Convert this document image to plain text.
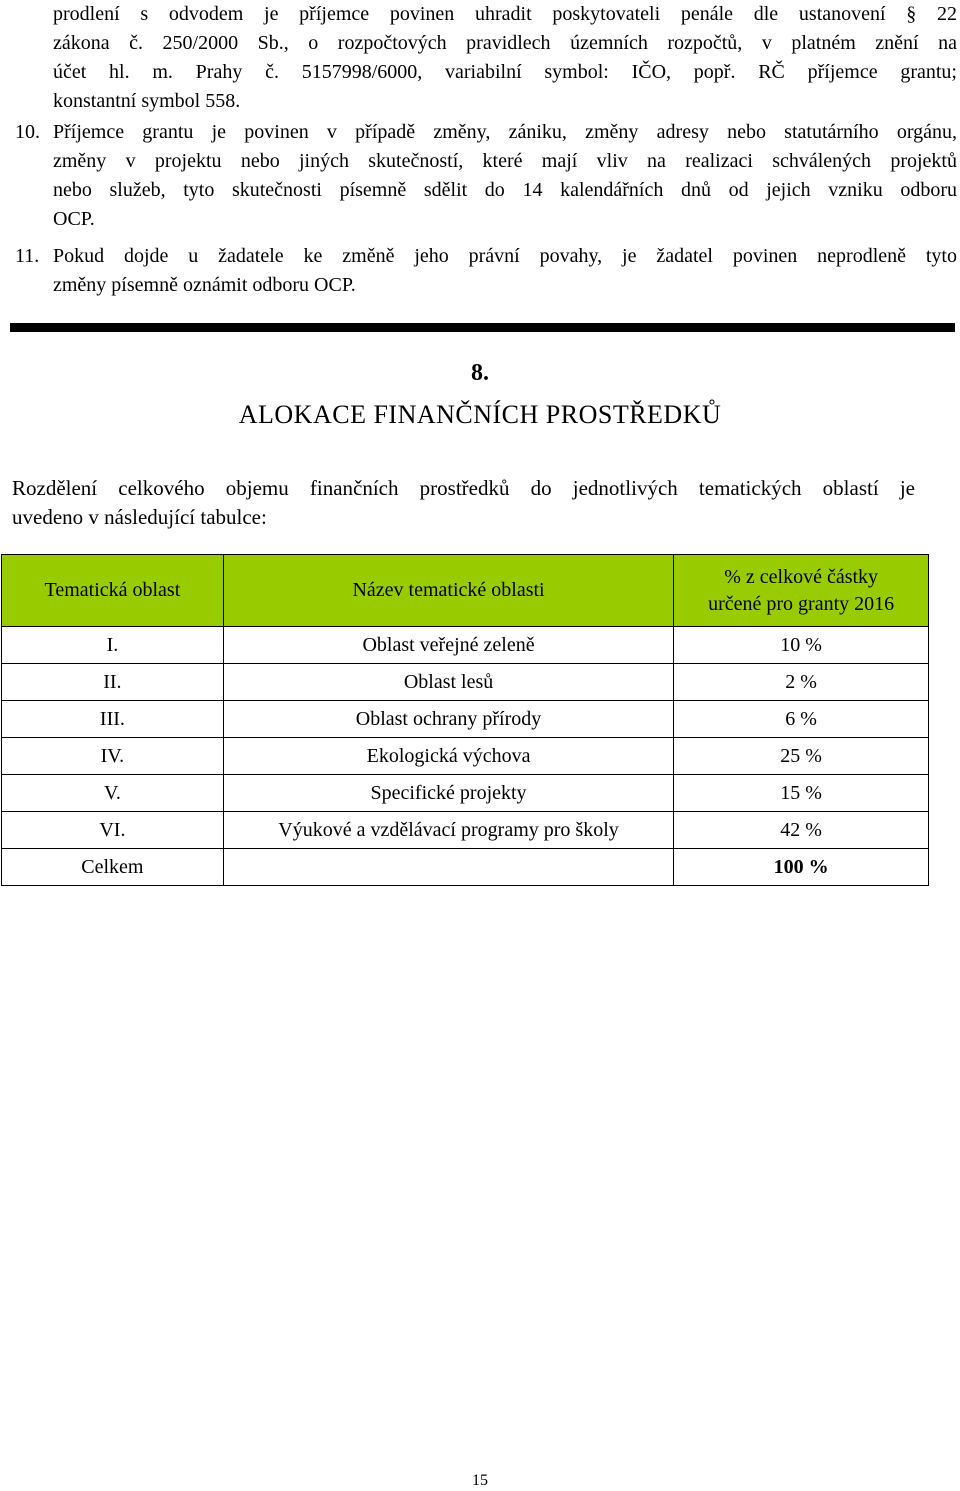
prodlení s odvodem je příjemce povinen uhradit poskytovateli penále dle ustanovení § 22
zákona č. 250/2000 Sb., o rozpočtových pravidlech územních rozpočtů, v platném znění na
účet hl. m. Prahy č. 5157998/6000, variabilní symbol: IČO, popř. RČ příjemce grantu;
konstantní symbol 558.
10. Příjemce grantu je povinen v případě změny, zániku, změny adresy nebo statutárního orgánu,
změny v projektu nebo jiných skutečností, které mají vliv na realizaci schválených projektů
nebo služeb, tyto skutečnosti písemně sdělit do 14 kalendářních dnů od jejich vzniku odboru
OCP.
11. Pokud dojde u žadatele ke změně jeho právní povahy, je žadatel povinen neprodleně tyto
změny písemně oznámit odboru OCP.
8.
ALOKACE FINANČNÍCH PROSTŘEDKŮ
Rozdělení celkového objemu finančních prostředků do jednotlivých tematických oblastí je
uvedeno v následující tabulce:
Tematická oblast	Název tematické oblasti	% z celkové částky
určené pro granty 2016
I.	Oblast veřejné zeleně	10 %
II.	Oblast lesů	2 %
III.	Oblast ochrany přírody	6 %
IV.	Ekologická výchova	25 %
V.	Specifické projekty	15 %
VI.	Výukové a vzdělávací programy pro školy	42 %
Celkem		100 %
15
